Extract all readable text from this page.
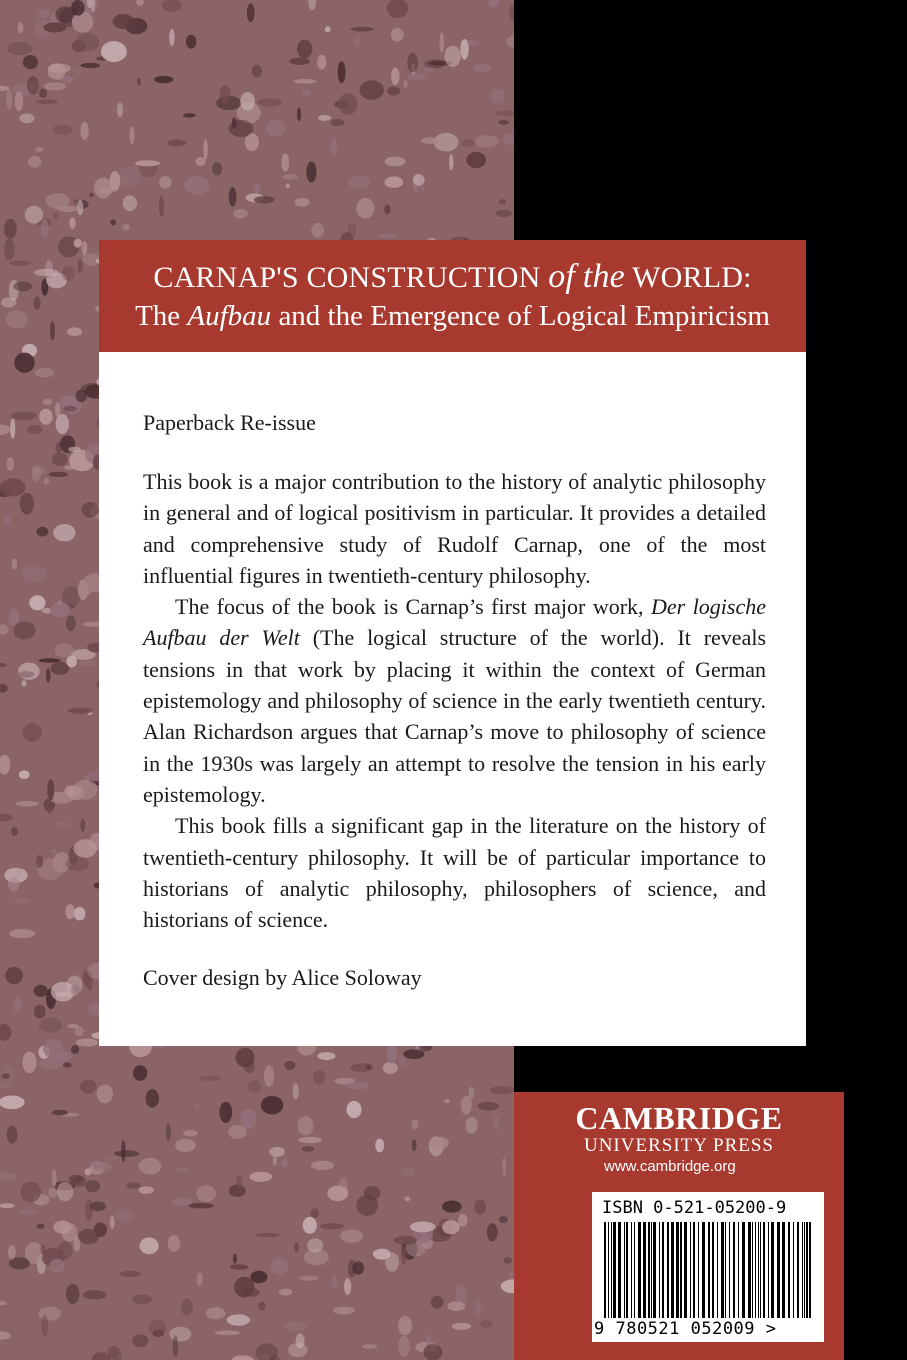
CARNAP'S CONSTRUCTION of the WORLD:
The Aufbau and the Emergence of Logical Empiricism
Paperback Re-issue

This book is a major contribution to the history of analytic philosophy in general and of logical positivism in particular. It provides a detailed and comprehensive study of Rudolf Carnap, one of the most influential figures in twentieth-century philosophy.

The focus of the book is Carnap’s first major work, Der logische Aufbau der Welt (The logical structure of the world). It reveals tensions in that work by placing it within the context of German epistemology and philosophy of science in the early twentieth century. Alan Richardson argues that Carnap’s move to philosophy of science in the 1930s was largely an attempt to resolve the tension in his early epistemology.

This book fills a significant gap in the literature on the history of twentieth-century philosophy. It will be of particular importance to historians of analytic philosophy, philosophers of science, and historians of science.

Cover design by Alice Soloway
CAMBRIDGE
UNIVERSITY PRESS
www.cambridge.org
ISBN 0-521-05200-9
9 780521 052009 >
